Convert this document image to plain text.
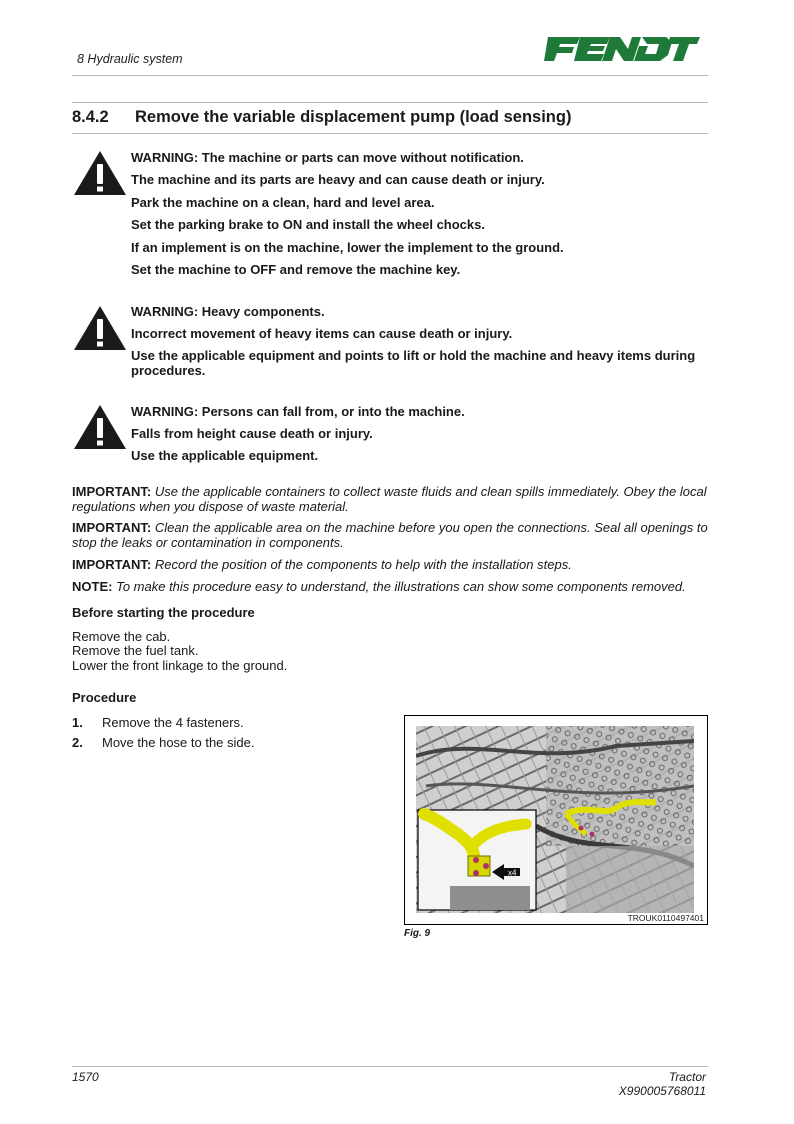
8 Hydraulic system	FENDT
8.4.2 Remove the variable displacement pump (load sensing)
WARNING: The machine or parts can move without notification.
The machine and its parts are heavy and can cause death or injury.
Park the machine on a clean, hard and level area.
Set the parking brake to ON and install the wheel chocks.
If an implement is on the machine, lower the implement to the ground.
Set the machine to OFF and remove the machine key.
WARNING: Heavy components.
Incorrect movement of heavy items can cause death or injury.
Use the applicable equipment and points to lift or hold the machine and heavy items during procedures.
WARNING: Persons can fall from, or into the machine.
Falls from height cause death or injury.
Use the applicable equipment.
IMPORTANT: Use the applicable containers to collect waste fluids and clean spills immediately. Obey the local regulations when you dispose of waste material.
IMPORTANT: Clean the applicable area on the machine before you open the connections. Seal all openings to stop the leaks or contamination in components.
IMPORTANT: Record the position of the components to help with the installation steps.
NOTE: To make this procedure easy to understand, the illustrations can show some components removed.
Before starting the procedure
Remove the cab.
Remove the fuel tank.
Lower the front linkage to the ground.
Procedure
1. Remove the 4 fasteners.
2. Move the hose to the side.
x4
TROUK0110497401
Fig. 9
1570	Tractor
X990005768011
